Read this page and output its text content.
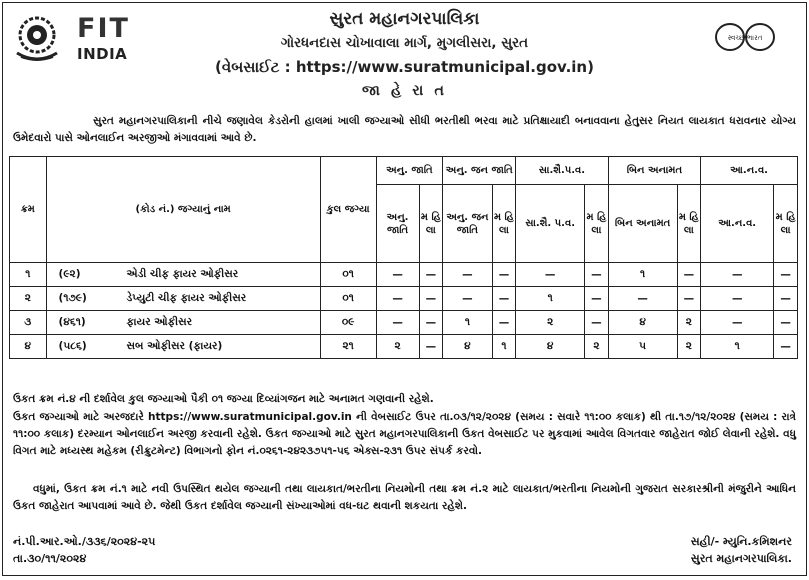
FIT
INDIA
સુરત મહાનગરપાલિકા
ગોરધનદાસ ચોખાવાલા માર્ગ, મુગલીસરા, સુરત
(વેબસાઈટ : https://www.suratmunicipal.gov.in)
જા હે રા ત
સ્વચ્છ ભારત
સુરત મહાનગરપાલિકાની નીચે જણાવેલ કેડરોની હાલમાં ખાલી જગ્યાઓ સીધી ભરતીથી ભરવા માટે પ્રતિક્ષાયાદી બનાવવાના હેતુસર નિયત લાયકાત ધરાવનાર યોગ્ય ઉમેદવારો પાસે ઓનલાઈન અરજીઓ મંગાવવામાં આવે છે.
ક્રમ	(કોડ નં.) જગ્યાનું નામ	કુલ જગ્યા	અનુ. જાતિ		અનુ. જન જાતિ		સા.શૈ.પ.વ.		બિન અનામત		આ.ન.વ.	
			અનુ. જાતિ	મ હિ લા	અનુ. જન જાતિ	મ હિ લા	સા.શૈ. પ.વ.	મ હિ લા	બિન અનામત	મ હિ લા	આ.ન.વ.	મ હિ લા
૧	(૯૨) એડી ચીફ ફાયર ઓફીસર	૦૧	—	—	—	—	—	—	૧	—	—	—
૨	(૧૭૯) ડેપ્યુટી ચીફ ફાયર ઓફીસર	૦૧	—	—	—	—	૧	—	—	—	—	—
૩	(૪૬૧) ફાયર ઓફીસર	૦૯	—	—	૧	—	૨	—	૪	૨	—	—
૪	(૫૮૬) સબ ઓફીસર (ફાયર)	૨૧	૨	—	૪	૧	૪	૨	૫	૨	૧	—
ઉકત ક્રમ નં.૪ ની દર્શાવેલ કુલ જગ્યાઓ પૈકી ૦૧ જગ્યા દિવ્યાંગજન માટે અનામત ગણવાની રહેશે.
ઉકત જગ્યાઓ માટે અરજદારે https://www.suratmunicipal.gov.in ની વેબસાઈટ ઉપર તા.૦૩/૧૨/૨૦૨૪ (સમય : સવારે ૧૧:૦૦ કલાક) થી તા.૧૭/૧૨/૨૦૨૪ (સમય : રાત્રે ૧૧:૦૦ કલાક) દરમ્યાન ઓનલાઈન અરજી કરવાની રહેશે. ઉકત જગ્યાઓ માટે સુરત મહાનગરપાલિકાની ઉકત વેબસાઈટ પર મુકવામાં આવેલ વિગતવાર જાહેરાત જોઈ લેવાની રહેશે. વધુ વિગત માટે મધ્યસ્થ મહેકમ (રીક્રુટમેન્ટ) વિભાગનો ફોન નં.૦૨૬૧-૨૪૨૩૭૫૧-૫૬ એક્સ-૨૩૧ ઉપર સંપર્ક કરવો.
વધુમાં, ઉકત ક્રમ નં.૧ માટે નવી ઉપસ્થિત થયેલ જગ્યાની તથા લાયકાત/ભરતીના નિયમોની તથા ક્રમ નં.૨ માટે લાયકાત/ભરતીના નિયમોની ગુજરાત સરકારશ્રીની મંજુરીને આધિન ઉકત જાહેરાત આપવામાં આવે છે. જેથી ઉકત દર્શાવેલ જગ્યાની સંખ્યાઓમાં વધ-ઘટ થવાની શકયતા રહેશે.
નં.પી.આર.ઓ./૩૩૬/૨૦૨૪-૨૫
તા.૩૦/૧૧/૨૦૨૪
સહી/- મ્યુનિ.કમિશનર
સુરત મહાનગરપાલિકા.
